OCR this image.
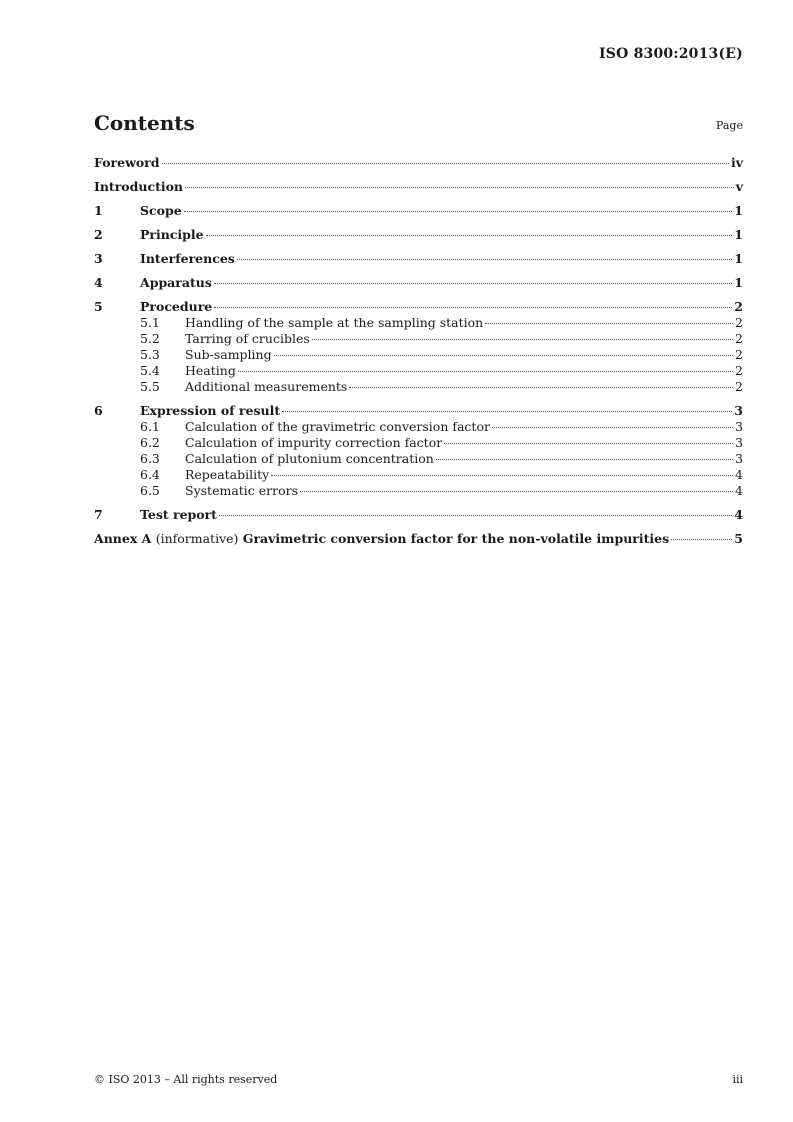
ISO 8300:2013(E)
Contents	Page
Foreword	iv
Introduction	v
1	Scope	1
2	Principle	1
3	Interferences	1
4	Apparatus	1
5	Procedure	2
5.1	Handling of the sample at the sampling station	2
5.2	Tarring of crucibles	2
5.3	Sub-sampling	2
5.4	Heating	2
5.5	Additional measurements	2
6	Expression of result	3
6.1	Calculation of the gravimetric conversion factor	3
6.2	Calculation of impurity correction factor	3
6.3	Calculation of plutonium concentration	3
6.4	Repeatability	4
6.5	Systematic errors	4
7	Test report	4
Annex A (informative) Gravimetric conversion factor for the non-volatile impurities	5
© ISO 2013 – All rights reserved	iii
